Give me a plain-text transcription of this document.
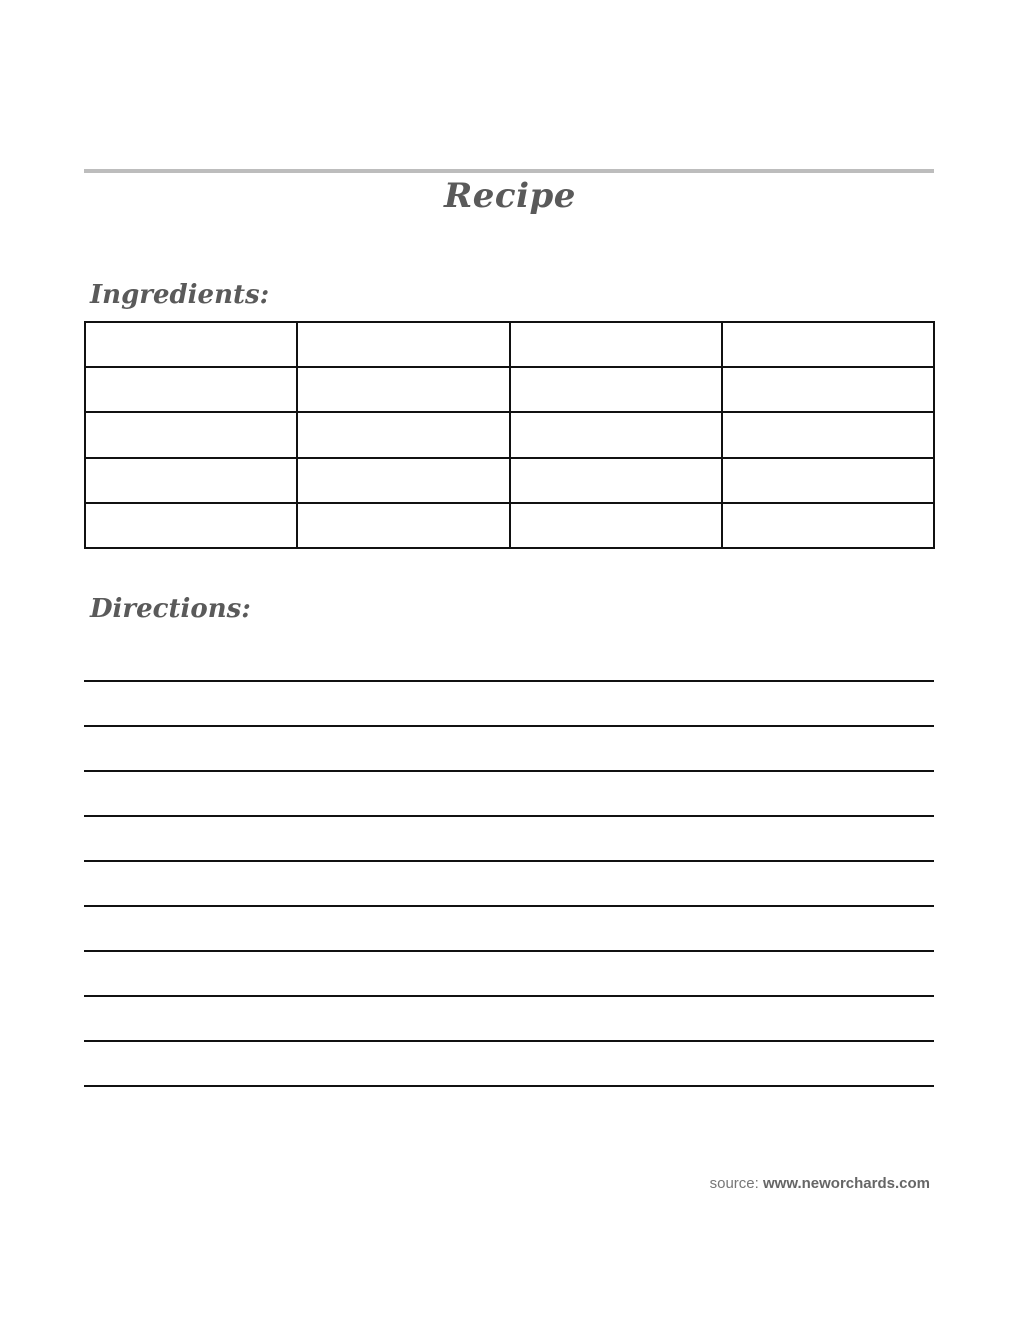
Recipe
Ingredients:

Directions:
source: www.neworchards.com
